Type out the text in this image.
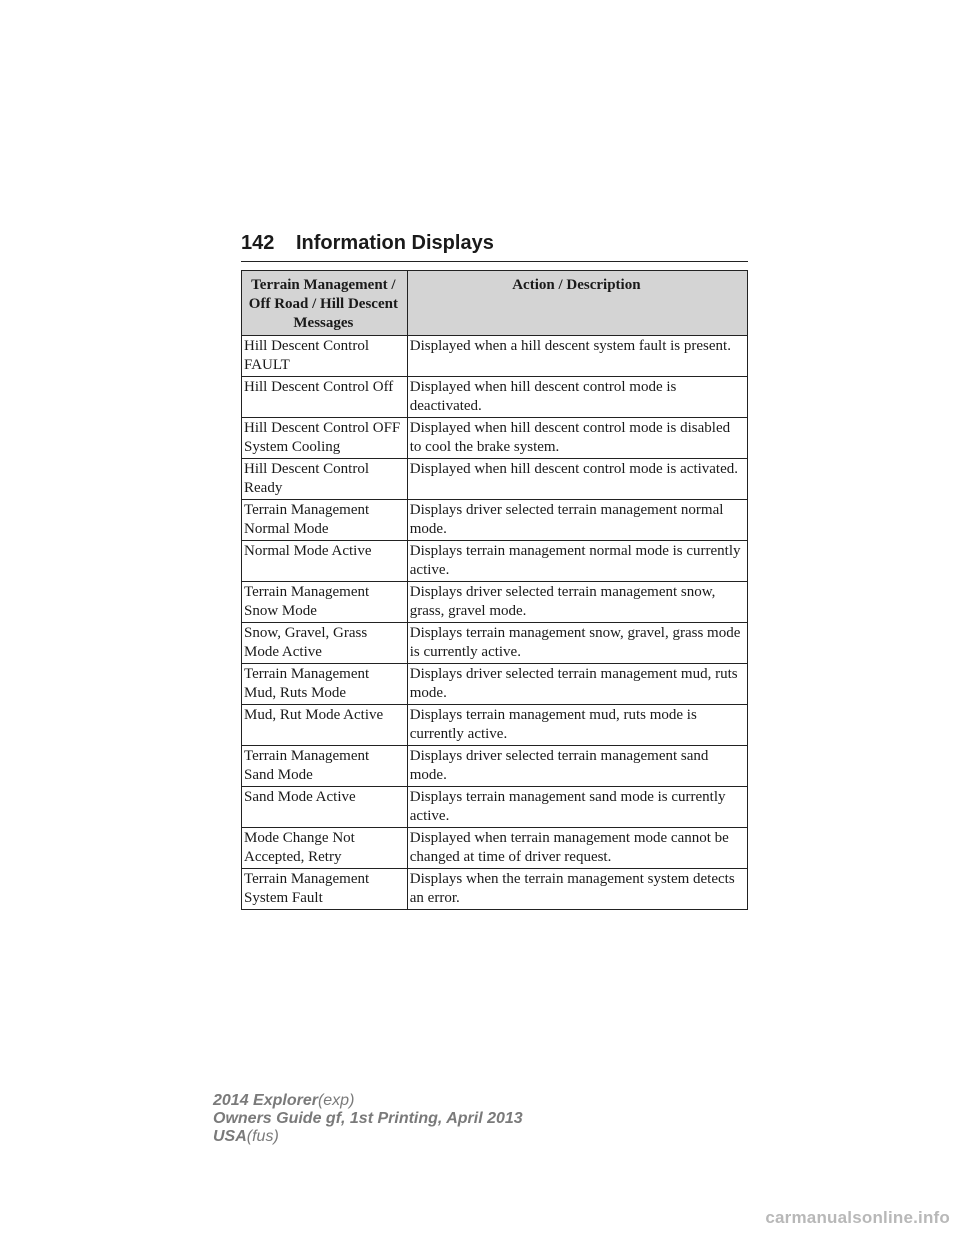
142 Information Displays
Terrain Management / Off Road / Hill Descent Messages	Action / Description
Hill Descent Control FAULT	Displayed when a hill descent system fault is present.
Hill Descent Control Off	Displayed when hill descent control mode is deactivated.
Hill Descent Control OFF System Cooling	Displayed when hill descent control mode is disabled to cool the brake system.
Hill Descent Control Ready	Displayed when hill descent control mode is activated.
Terrain Management Normal Mode	Displays driver selected terrain management normal mode.
Normal Mode Active	Displays terrain management normal mode is currently active.
Terrain Management Snow Mode	Displays driver selected terrain management snow, grass, gravel mode.
Snow, Gravel, Grass Mode Active	Displays terrain management snow, gravel, grass mode is currently active.
Terrain Management Mud, Ruts Mode	Displays driver selected terrain management mud, ruts mode.
Mud, Rut Mode Active	Displays terrain management mud, ruts mode is currently active.
Terrain Management Sand Mode	Displays driver selected terrain management sand mode.
Sand Mode Active	Displays terrain management sand mode is currently active.
Mode Change Not Accepted, Retry	Displayed when terrain management mode cannot be changed at time of driver request.
Terrain Management System Fault	Displays when the terrain management system detects an error.
2014 Explorer(exp)
Owners Guide gf, 1st Printing, April 2013
USA(fus)
carmanualsonline.info
